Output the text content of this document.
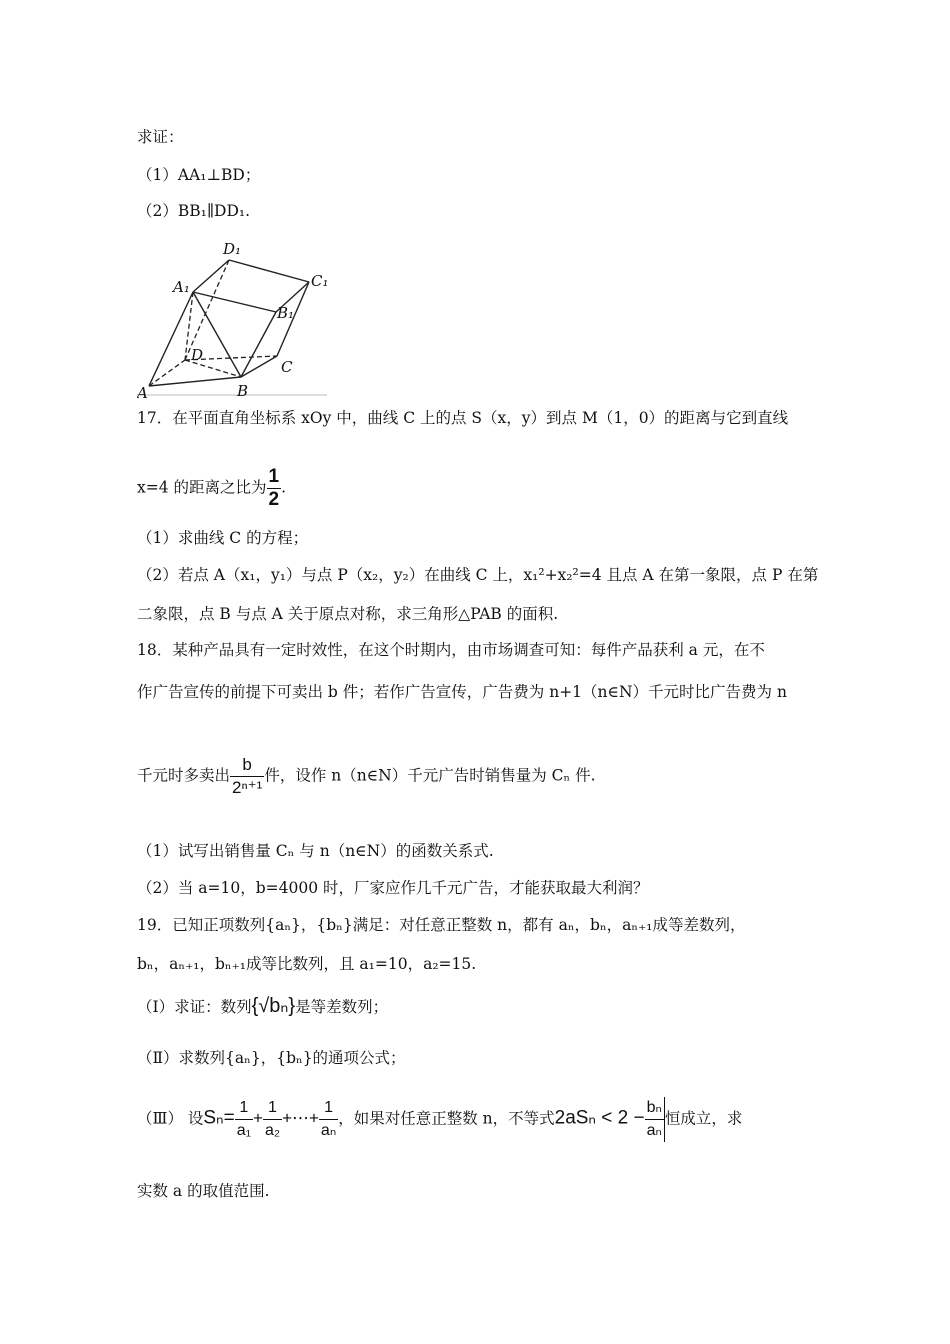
求证：
（1）AA₁⊥BD；
（2）BB₁∥DD₁.
D₁
C₁
A₁
B₁
D
C
A	B
17．在平面直角坐标系 xOy 中，曲线 C 上的点 S（x，y）到点 M（1，0）的距离与它到直线
x=4 的距离之比为 $\frac{1}{2}$ .
（1）求曲线 C 的方程；
（2）若点 A（x₁，y₁）与点 P（x₂，y₂）在曲线 C 上，x₁²+x₂²=4 且点 A 在第一象限，点 P 在第
二象限，点 B 与点 A 关于原点对称，求三角形△PAB 的面积.
18．某种产品具有一定时效性，在这个时期内，由市场调查可知：每件产品获利 a 元，在不
作广告宣传的前提下可卖出 b 件；若作广告宣传，广告费为 n+1（n∈N）千元时比广告费为 n
千元时多卖出 $\frac{b}{\text{2ⁿ⁺¹}}$ 件，设作 n（n∈N）千元广告时销售量为 Cₙ 件.
（1）试写出销售量 Cₙ 与 n（n∈N）的函数关系式.
（2）当 a=10，b=4000 时，厂家应作几千元广告，才能获取最大利润？
19．已知正项数列{aₙ}，{bₙ}满足：对任意正整数 n，都有 aₙ，bₙ，aₙ₊₁成等差数列，
bₙ，aₙ₊₁，bₙ₊₁成等比数列，且 a₁=10，a₂=15.
（Ⅰ）求证：数列{√bₙ}是等差数列；
（Ⅱ）求数列{aₙ}，{bₙ}的通项公式；
（Ⅲ） 设$S_n= \frac{1}{\text{a₁}} + \frac{1}{\text{a₂}}$ +⋯+ $\frac{1}{\text{aₙ}}$ ，如果对任意正整数 n，不等式$2aS_n < 2 - \frac{\text{bₙ}}{\text{aₙ}}$ 恒成立，求
实数 a 的取值范围.
